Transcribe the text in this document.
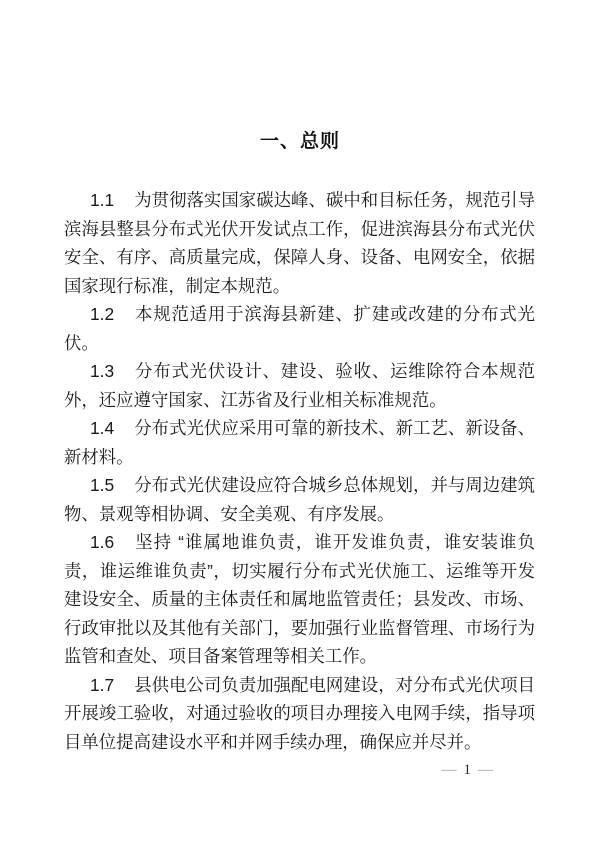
一、总则

1.1 为贯彻落实国家碳达峰、碳中和目标任务，规范引导滨海县整县分布式光伏开发试点工作，促进滨海县分布式光伏安全、有序、高质量完成，保障人身、设备、电网安全，依据国家现行标准，制定本规范。

1.2 本规范适用于滨海县新建、扩建或改建的分布式光伏。

1.3 分布式光伏设计、建设、验收、运维除符合本规范外，还应遵守国家、江苏省及行业相关标准规范。

1.4 分布式光伏应采用可靠的新技术、新工艺、新设备、新材料。

1.5 分布式光伏建设应符合城乡总体规划，并与周边建筑物、景观等相协调、安全美观、有序发展。

1.6 坚持 “谁属地谁负责，谁开发谁负责，谁安装谁负责，谁运维谁负责”，切实履行分布式光伏施工、运维等开发建设安全、质量的主体责任和属地监管责任；县发改、市场、行政审批以及其他有关部门，要加强行业监督管理、市场行为监管和查处、项目备案管理等相关工作。

1.7 县供电公司负责加强配电网建设，对分布式光伏项目开展竣工验收，对通过验收的项目办理接入电网手续，指导项目单位提高建设水平和并网手续办理，确保应并尽并。

— 1 —
